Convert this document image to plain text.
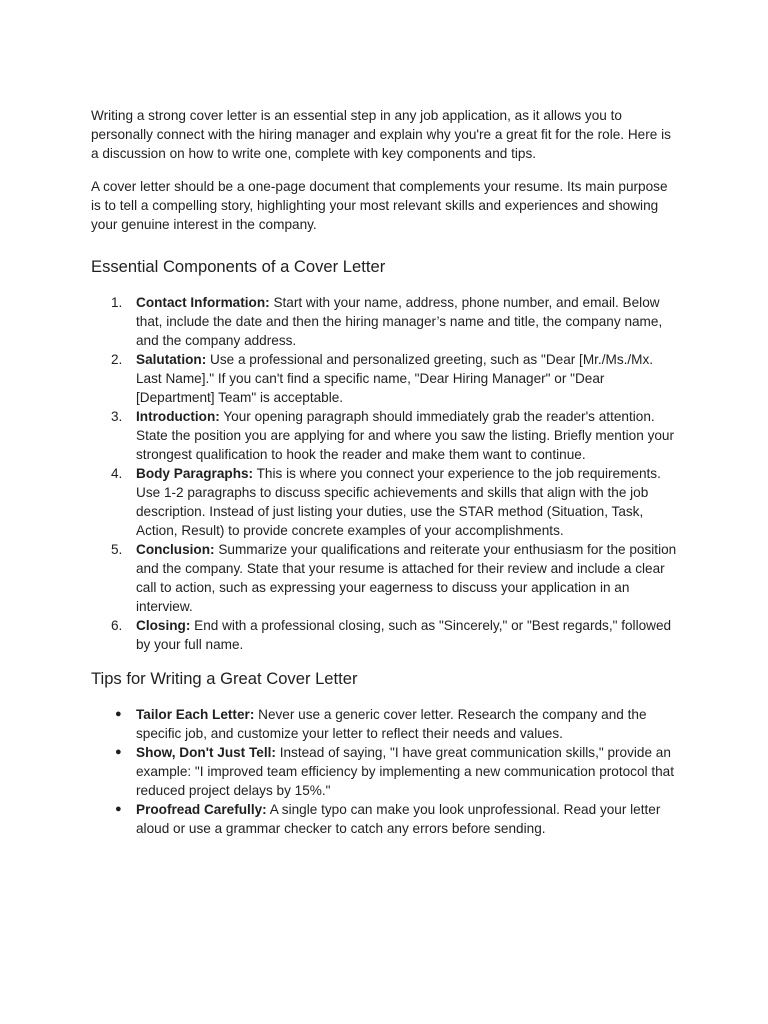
Writing a strong cover letter is an essential step in any job application, as it allows you to personally connect with the hiring manager and explain why you're a great fit for the role. Here is a discussion on how to write one, complete with key components and tips.

A cover letter should be a one-page document that complements your resume. Its main purpose is to tell a compelling story, highlighting your most relevant skills and experiences and showing your genuine interest in the company.

Essential Components of a Cover Letter
1.	Contact Information: Start with your name, address, phone number, and email. Below that, include the date and then the hiring manager’s name and title, the company name, and the company address.
2.	Salutation: Use a professional and personalized greeting, such as "Dear [Mr./Ms./Mx. Last Name]." If you can't find a specific name, "Dear Hiring Manager" or "Dear [Department] Team" is acceptable.
3.	Introduction: Your opening paragraph should immediately grab the reader's attention. State the position you are applying for and where you saw the listing. Briefly mention your strongest qualification to hook the reader and make them want to continue.
4.	Body Paragraphs: This is where you connect your experience to the job requirements. Use 1-2 paragraphs to discuss specific achievements and skills that align with the job description. Instead of just listing your duties, use the STAR method (Situation, Task, Action, Result) to provide concrete examples of your accomplishments.
5.	Conclusion: Summarize your qualifications and reiterate your enthusiasm for the position and the company. State that your resume is attached for their review and include a clear call to action, such as expressing your eagerness to discuss your application in an interview.
6.	Closing: End with a professional closing, such as "Sincerely," or "Best regards," followed by your full name.
Tips for Writing a Great Cover Letter
● Tailor Each Letter: Never use a generic cover letter. Research the company and the specific job, and customize your letter to reflect their needs and values.
● Show, Don't Just Tell: Instead of saying, "I have great communication skills," provide an example: "I improved team efficiency by implementing a new communication protocol that reduced project delays by 15%."
● Proofread Carefully: A single typo can make you look unprofessional. Read your letter aloud or use a grammar checker to catch any errors before sending.
